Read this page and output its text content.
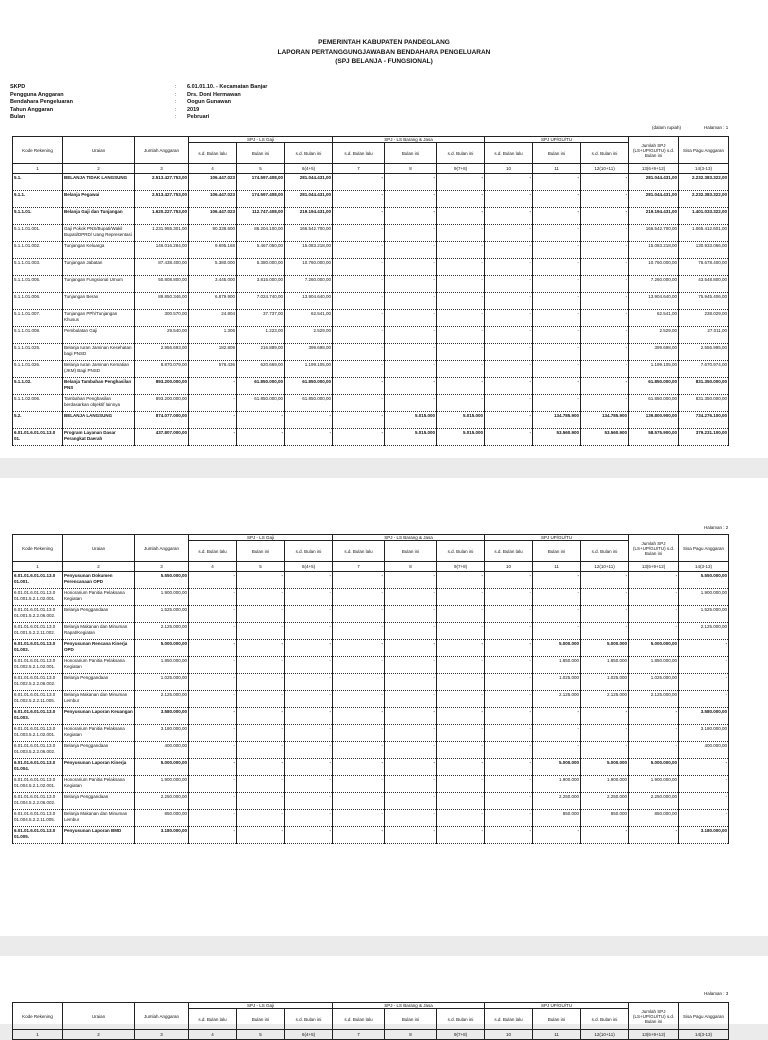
PEMERINTAH KABUPATEN PANDEGLANG
LAPORAN PERTANGGUNGJAWABAN BENDAHARA PENGELUARAN
(SPJ BELANJA - FUNGSIONAL)
SKPD	:	6.01.01.10. - Kecamatan Banjar
Pengguna Anggaran	:	Drs. Doni Hermawan
Bendahara Pengeluaran	:	Oogun Gunawan
Tahun Anggaran	:	2019
Bulan	:	Pebruari
(dalam rupiah)	Halaman : 1
Kode Rekening	Uraian	Jumlah Anggaran	SPJ - LS Gaji			SPJ - LS Barang & Jasa			SPJ UP/GU/TU			Jumlah SPJ (LS+UP/GU/TU) s.d. Bulan ini	Sisa Pagu Anggaran
			s.d. Bulan lalu	Bulan ini	s.d. Bulan ini	s.d. Bulan lalu	Bulan ini	s.d. Bulan ini	s.d. Bulan lalu	Bulan ini	s.d. Bulan ini		
1	2	3	4	5	6(4+5)	7	8	9(7+8)	10	11	12(10+11)	13(6+9+12)	14(3-13)
5.1.	BELANJA TIDAK LANGSUNG	2.513.427.753,00	106.447.023	174.597.408,00	281.044.431,00	-	-	-	-	-	-	281.044.431,00	2.232.383.322,00
5.1.1.	Belanja Pegawai	2.513.427.753,00	106.447.023	174.597.408,00	281.044.431,00	-	-	-	-	-	-	281.044.431,00	2.232.383.322,00
5.1.1.01.	Belanja Gaji dan Tunjangan	1.620.227.753,00	106.447.023	112.747.408,00	219.194.431,00	-	-	-	-	-	-	219.194.431,00	1.401.033.322,00
5.1.1.01.001.	Gaji Pokok PNS/Bupati/Wakil Bupati/DPRD/ Uang Representasi	1.231.955.301,00	80.338.600	86.204.100,00	166.542.700,00	-	-	-	-	-	-	166.542.700,00	1.065.412.601,00
5.1.1.01.002.	Tunjangan Keluarga	146.016.284,00	9.695.168	5.467.050,00	15.083.218,00	-	-	-	-	-	-	15.083.218,00	130.933.066,00
5.1.1.01.003.	Tunjangan Jabatan	87.438.400,00	5.380.000	5.380.000,00	10.760.000,00	-	-	-	-	-	-	10.760.000,00	76.678.400,00
5.1.1.01.005.	Tunjangan Fungsional Umum	50.808.800,00	3.445.000	3.815.000,00	7.260.000,00	-	-	-	-	-	-	7.260.000,00	43.548.800,00
5.1.1.01.006.	Tunjangan Beras	89.850.346,00	6.879.900	7.024.740,00	13.904.640,00	-	-	-	-	-	-	13.904.640,00	75.945.406,00
5.1.1.01.007.	Tunjangan PPh/Tunjangan Khusus	300.570,00	24.804	37.737,00	62.541,00	-	-	-	-	-	-	62.541,00	238.029,00
5.1.1.01.008.	Pembulatan Gaji	29.540,00	1.306	1.223,00	2.529,00	-	-	-	-	-	-	2.529,00	27.011,00
5.1.1.01.025.	Belanja Iuran Jaminan Kesehatan bagi PNSD	2.956.693,00	182.809	216.889,00	399.698,00	-	-	-	-	-	-	399.698,00	2.556.995,00
5.1.1.01.026.	Belanja Iuran Jaminan Kematian (JKM) Bagi PNSD	8.870.079,00	578.436	620.669,00	1.199.105,00	-	-	-	-	-	-	1.199.105,00	7.670.974,00
5.1.1.02.	Belanja Tambahan Penghasilan PNS	893.200.000,00	-	61.850.000,00	61.850.000,00	-	-	-	-	-	-	61.850.000,00	831.350.000,00
5.1.1.02.006.	Tambahan Penghasilan berdasarkan objektif lainnya	893.200.000,00	-	61.850.000,00	61.850.000,00	-	-	-	-	-	-	61.850.000,00	831.350.000,00
5.2.	BELANJA LANGSUNG	874.077.000,00	-	-	-	-	5.015.000	5.015.000	-	134.785.900	134.785.900	139.800.900,00	734.276.100,00
6.01.01.6.01.01.13.0 01.	Program Layanan Dasar Perangkat Daerah	437.807.000,00	-	-	-	-	5.015.000	5.015.000	-	53.560.900	53.560.900	58.575.900,00	379.231.100,00
Halaman : 2
Kode Rekening	Uraian	Jumlah Anggaran	SPJ - LS Gaji			SPJ - LS Barang & Jasa			SPJ UP/GU/TU			Jumlah SPJ (LS+UP/GU/TU) s.d. Bulan ini	Sisa Pagu Anggaran
			s.d. Bulan lalu	Bulan ini	s.d. Bulan ini	s.d. Bulan lalu	Bulan ini	s.d. Bulan ini	s.d. Bulan lalu	Bulan ini	s.d. Bulan ini		
1	2	3	4	5	6(4+5)	7	8	9(7+8)	10	11	12(10+11)	13(6+9+12)	14(3-13)
6.01.01.6.01.01.13.0 01.001.	Penyusunan Dokumen Perencanaan OPD	5.550.000,00	-	-	-	-	-	-	-	-	-	-	5.550.000,00
6.01.01.6.01.01.13.0 01.001.5.2.1.02.001.	Honorarium Panitia Pelaksana Kegiatan	1.900.000,00	-	-	-	-	-	-	-	-	-	-	1.900.000,00
6.01.01.6.01.01.13.0 01.001.5.2.2.06.002.	Belanja Penggandaan	1.525.000,00	-	-	-	-	-	-	-	-	-	-	1.525.000,00
6.01.01.6.01.01.13.0 01.001.5.2.2.11.002.	Belanja Makanan dan Minuman Rapat/Kegiatan	2.125.000,00	-	-	-	-	-	-	-	-	-	-	2.125.000,00
6.01.01.6.01.01.13.0 01.002.	Penyusunan Rencana Kinerja OPD	5.000.000,00	-	-	-	-	-	-	-	5.000.000	5.000.000	5.000.000,00	-
6.01.01.6.01.01.13.0 01.002.5.2.1.02.001.	Honorarium Panitia Pelaksana Kegiatan	1.850.000,00	-	-	-	-	-	-	-	1.850.000	1.850.000	1.850.000,00	-
6.01.01.6.01.01.13.0 01.002.5.2.2.06.002.	Belanja Penggandaan	1.025.000,00	-	-	-	-	-	-	-	1.025.000	1.025.000	1.025.000,00	-
6.01.01.6.01.01.13.0 01.002.5.2.2.11.005.	Belanja Makanan dan Minuman Lembur	2.125.000,00	-	-	-	-	-	-	-	2.125.000	2.125.000	2.125.000,00	-
6.01.01.6.01.01.13.0 01.003.	Penyusunan Laporan Keuangan	3.580.000,00	-	-	-	-	-	-	-	-	-	-	3.580.000,00
6.01.01.6.01.01.13.0 01.003.5.2.1.02.001.	Honorarium Panitia Pelaksana Kegiatan	3.180.000,00	-	-	-	-	-	-	-	-	-	-	3.180.000,00
6.01.01.6.01.01.13.0 01.003.5.2.2.06.002.	Belanja Penggandaan	400.000,00	-	-	-	-	-	-	-	-	-	-	400.000,00
6.01.01.6.01.01.13.0 01.004.	Penyusunan Laporan Kinerja	5.000.000,00	-	-	-	-	-	-	-	5.000.000	5.000.000	5.000.000,00	-
6.01.01.6.01.01.13.0 01.004.5.2.1.02.001.	Honorarium Panitia Pelaksana Kegiatan	1.900.000,00	-	-	-	-	-	-	-	1.900.000	1.900.000	1.900.000,00	-
6.01.01.6.01.01.13.0 01.004.5.2.2.06.002.	Belanja Penggandaan	2.250.000,00	-	-	-	-	-	-	-	2.250.000	2.250.000	2.250.000,00	-
6.01.01.6.01.01.13.0 01.004.5.2.2.11.005.	Belanja Makanan dan Minuman Lembur	850.000,00	-	-	-	-	-	-	-	850.000	850.000	850.000,00	-
6.01.01.6.01.01.13.0 01.005.	Penyusunan Laporan BMD	3.180.000,00	-	-	-	-	-	-	-	-	-	-	3.180.000,00
Halaman : 3
Kode Rekening	Uraian	Jumlah Anggaran	SPJ - LS Gaji			SPJ - LS Barang & Jasa			SPJ UP/GU/TU			Jumlah SPJ (LS+UP/GU/TU) s.d. Bulan ini	Sisa Pagu Anggaran
			s.d. Bulan lalu	Bulan ini	s.d. Bulan ini	s.d. Bulan lalu	Bulan ini	s.d. Bulan ini	s.d. Bulan lalu	Bulan ini	s.d. Bulan ini		
1	2	3	4	5	6(4+5)	7	8	9(7+8)	10	11	12(10+11)	13(6+9+12)	14(3-13)
